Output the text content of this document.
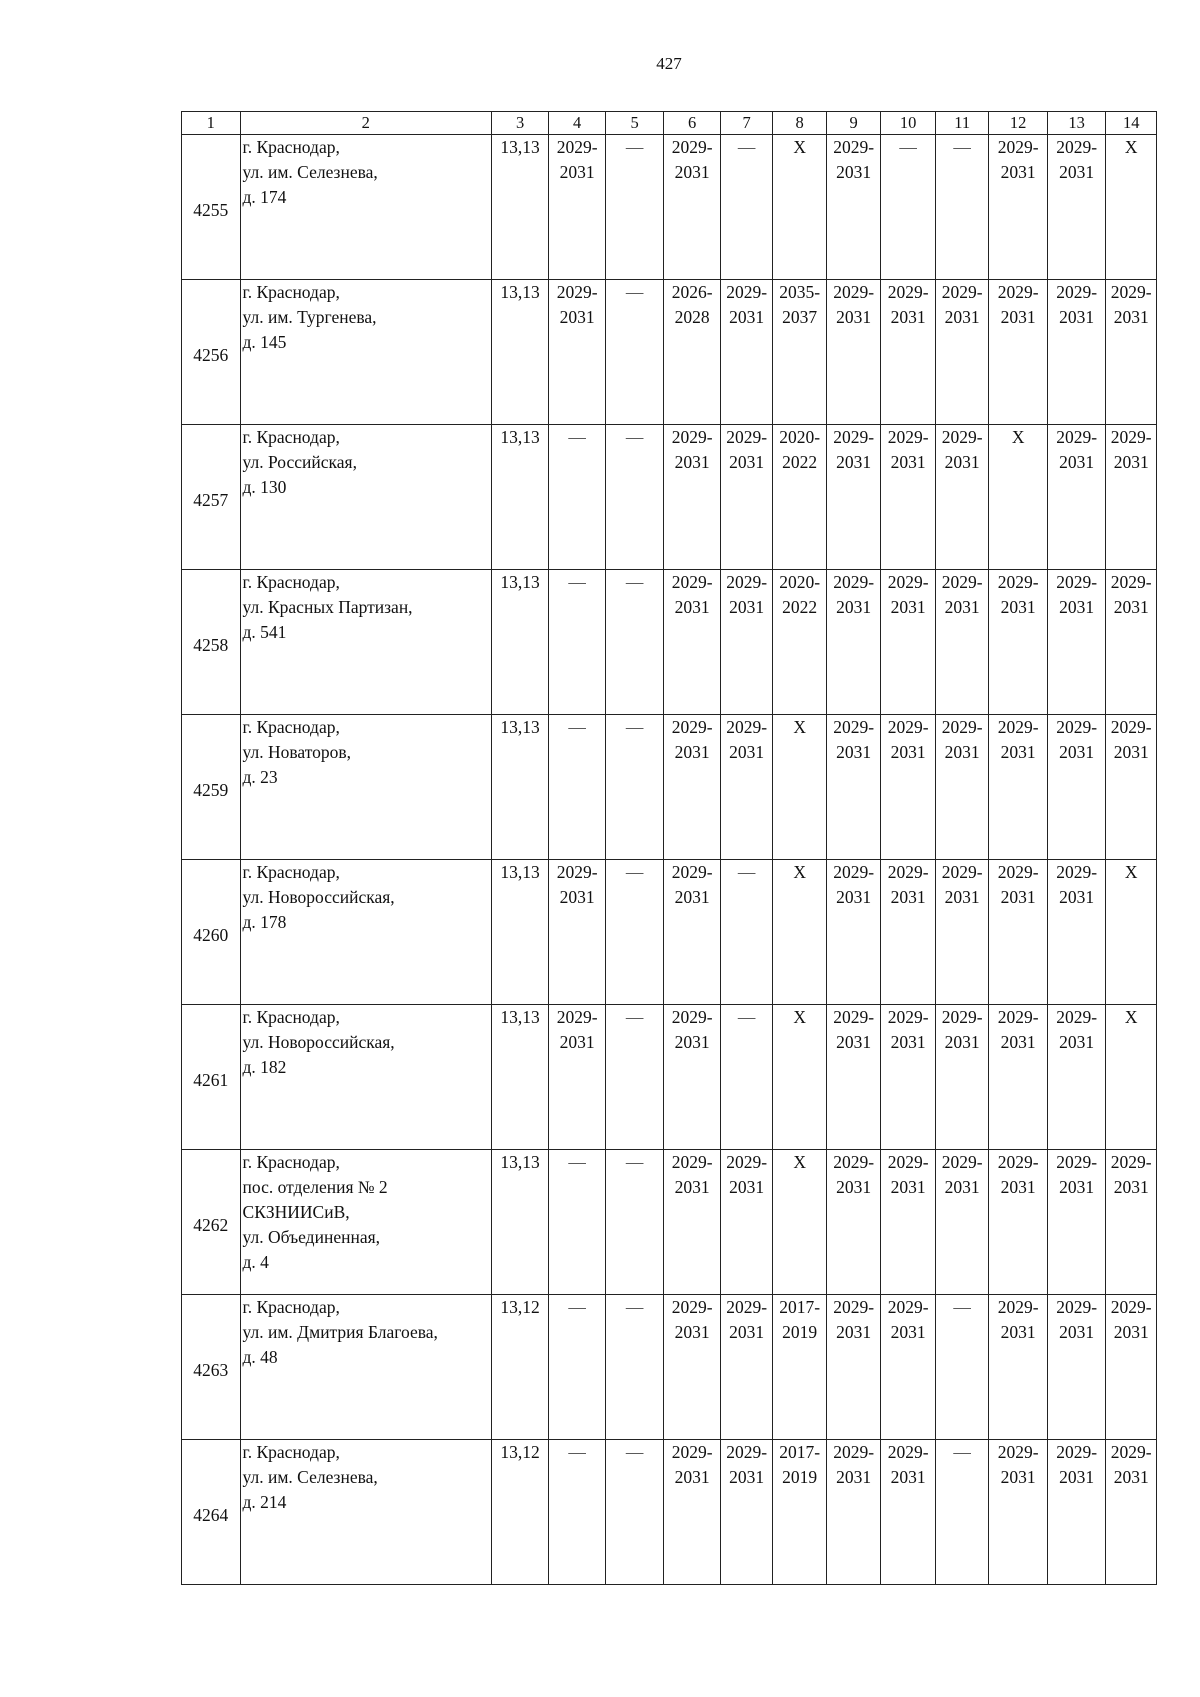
427
1	2	3	4	5	6	7	8	9	10	11	12	13	14

4255	г. Краснодар,
ул. им. Селезнева,
д. 174	13,13	2029-
2031	—	2029-
2031	—	X	2029-
2031	—	—	2029-
2031	2029-
2031	X

4256	г. Краснодар,
ул. им. Тургенева,
д. 145	13,13	2029-
2031	—	2026-
2028	2029-
2031	2035-
2037	2029-
2031	2029-
2031	2029-
2031	2029-
2031	2029-
2031	2029-
2031

4257	г. Краснодар,
ул. Российская,
д. 130	13,13	—	—	2029-
2031	2029-
2031	2020-
2022	2029-
2031	2029-
2031	2029-
2031	X	2029-
2031	2029-
2031

4258	г. Краснодар,
ул. Красных Партизан,
д. 541	13,13	—	—	2029-
2031	2029-
2031	2020-
2022	2029-
2031	2029-
2031	2029-
2031	2029-
2031	2029-
2031	2029-
2031

4259	г. Краснодар,
ул. Новаторов,
д. 23	13,13	—	—	2029-
2031	2029-
2031	X	2029-
2031	2029-
2031	2029-
2031	2029-
2031	2029-
2031	2029-
2031

4260	г. Краснодар,
ул. Новороссийская,
д. 178	13,13	2029-
2031	—	2029-
2031	—	X	2029-
2031	2029-
2031	2029-
2031	2029-
2031	2029-
2031	X

4261	г. Краснодар,
ул. Новороссийская,
д. 182	13,13	2029-
2031	—	2029-
2031	—	X	2029-
2031	2029-
2031	2029-
2031	2029-
2031	2029-
2031	X

4262	г. Краснодар,
пос. отделения № 2
СКЗНИИСиВ,
ул. Объединенная,
д. 4	13,13	—	—	2029-
2031	2029-
2031	X	2029-
2031	2029-
2031	2029-
2031	2029-
2031	2029-
2031	2029-
2031

4263	г. Краснодар,
ул. им. Дмитрия Благоева,
д. 48	13,12	—	—	2029-
2031	2029-
2031	2017-
2019	2029-
2031	2029-
2031	—	2029-
2031	2029-
2031	2029-
2031

4264	г. Краснодар,
ул. им. Селезнева,
д. 214	13,12	—	—	2029-
2031	2029-
2031	2017-
2019	2029-
2031	2029-
2031	—	2029-
2031	2029-
2031	2029-
2031
